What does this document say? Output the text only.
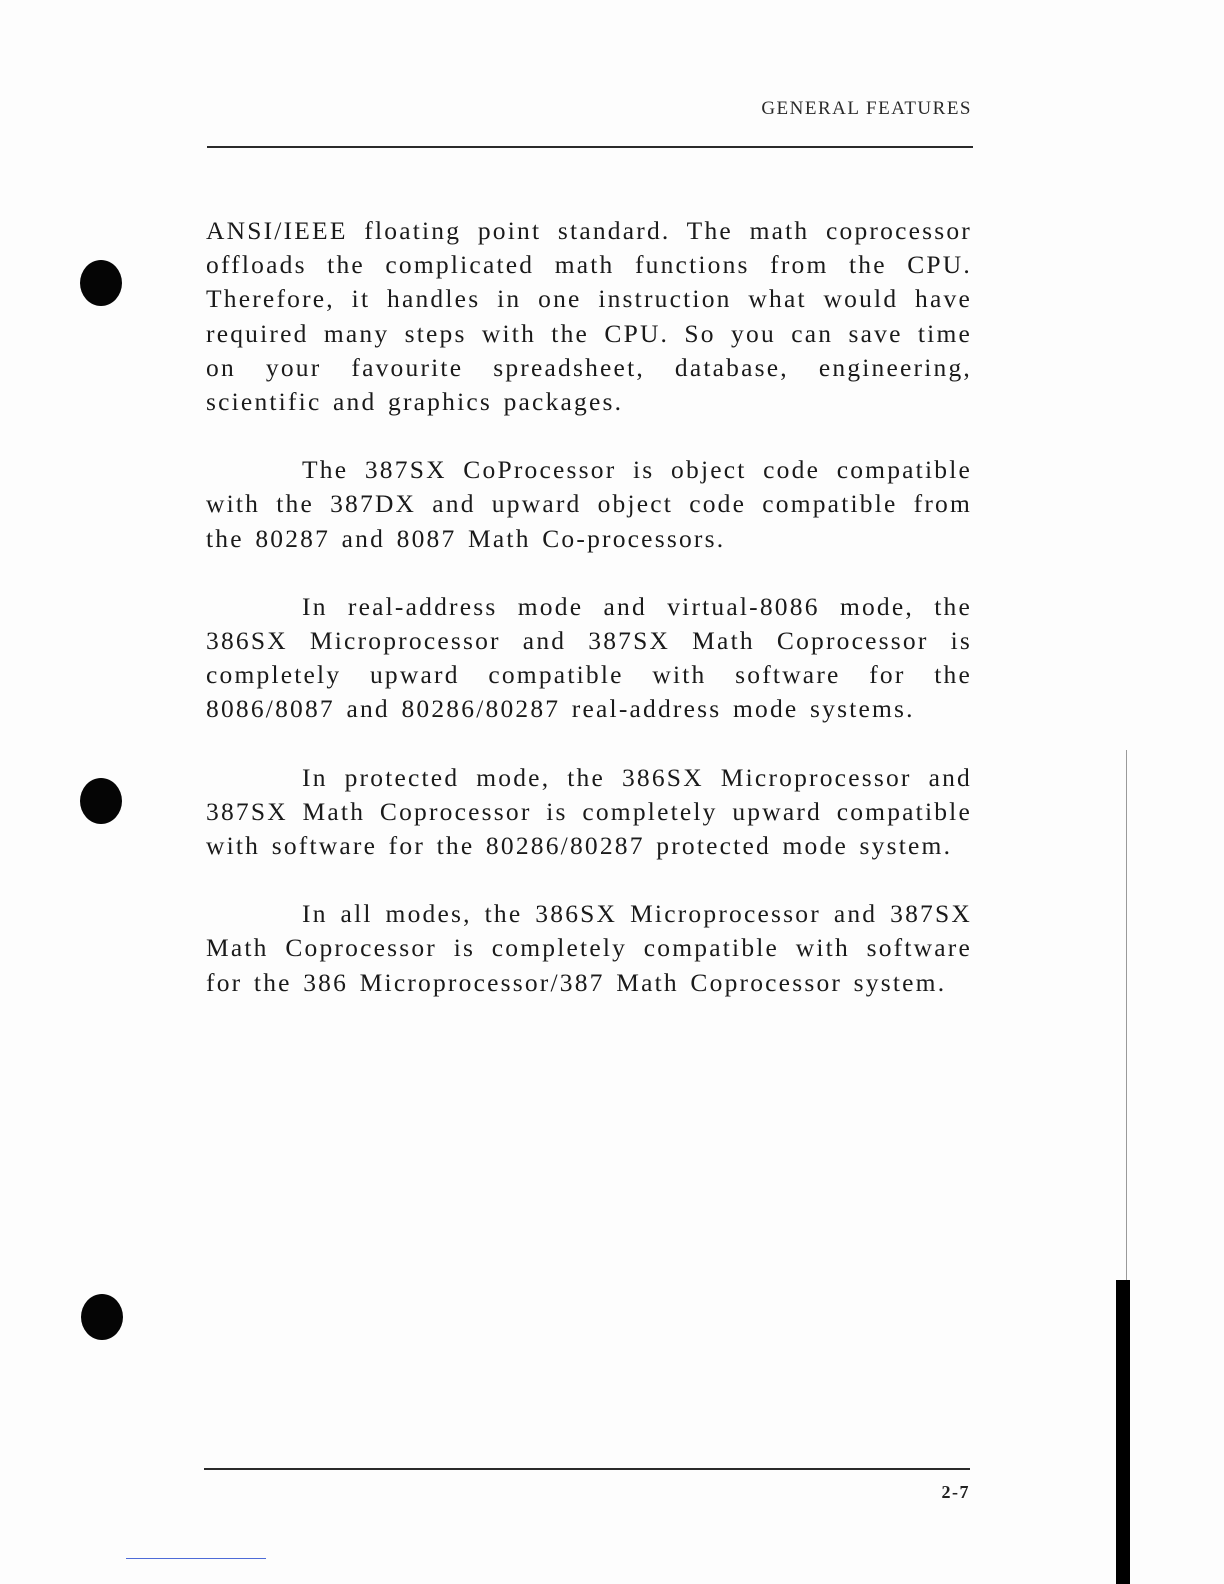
GENERAL FEATURES

ANSI/IEEE floating point standard. The math coprocessor offloads the complicated math functions from the CPU. Therefore, it handles in one instruction what would have required many steps with the CPU. So you can save time on your favourite spreadsheet, database, engineering, scientific and graphics packages.

The 387SX CoProcessor is object code compatible with the 387DX and upward object code compatible from the 80287 and 8087 Math Co-processors.

In real-address mode and virtual-8086 mode, the 386SX Microprocessor and 387SX Math Coprocessor is completely upward compatible with software for the 8086/8087 and 80286/80287 real-address mode systems.

In protected mode, the 386SX Microprocessor and 387SX Math Coprocessor is completely upward compatible with software for the 80286/80287 protected mode system.

In all modes, the 386SX Microprocessor and 387SX Math Coprocessor is completely compatible with software for the 386 Microprocessor/387 Math Coprocessor system.

2-7
